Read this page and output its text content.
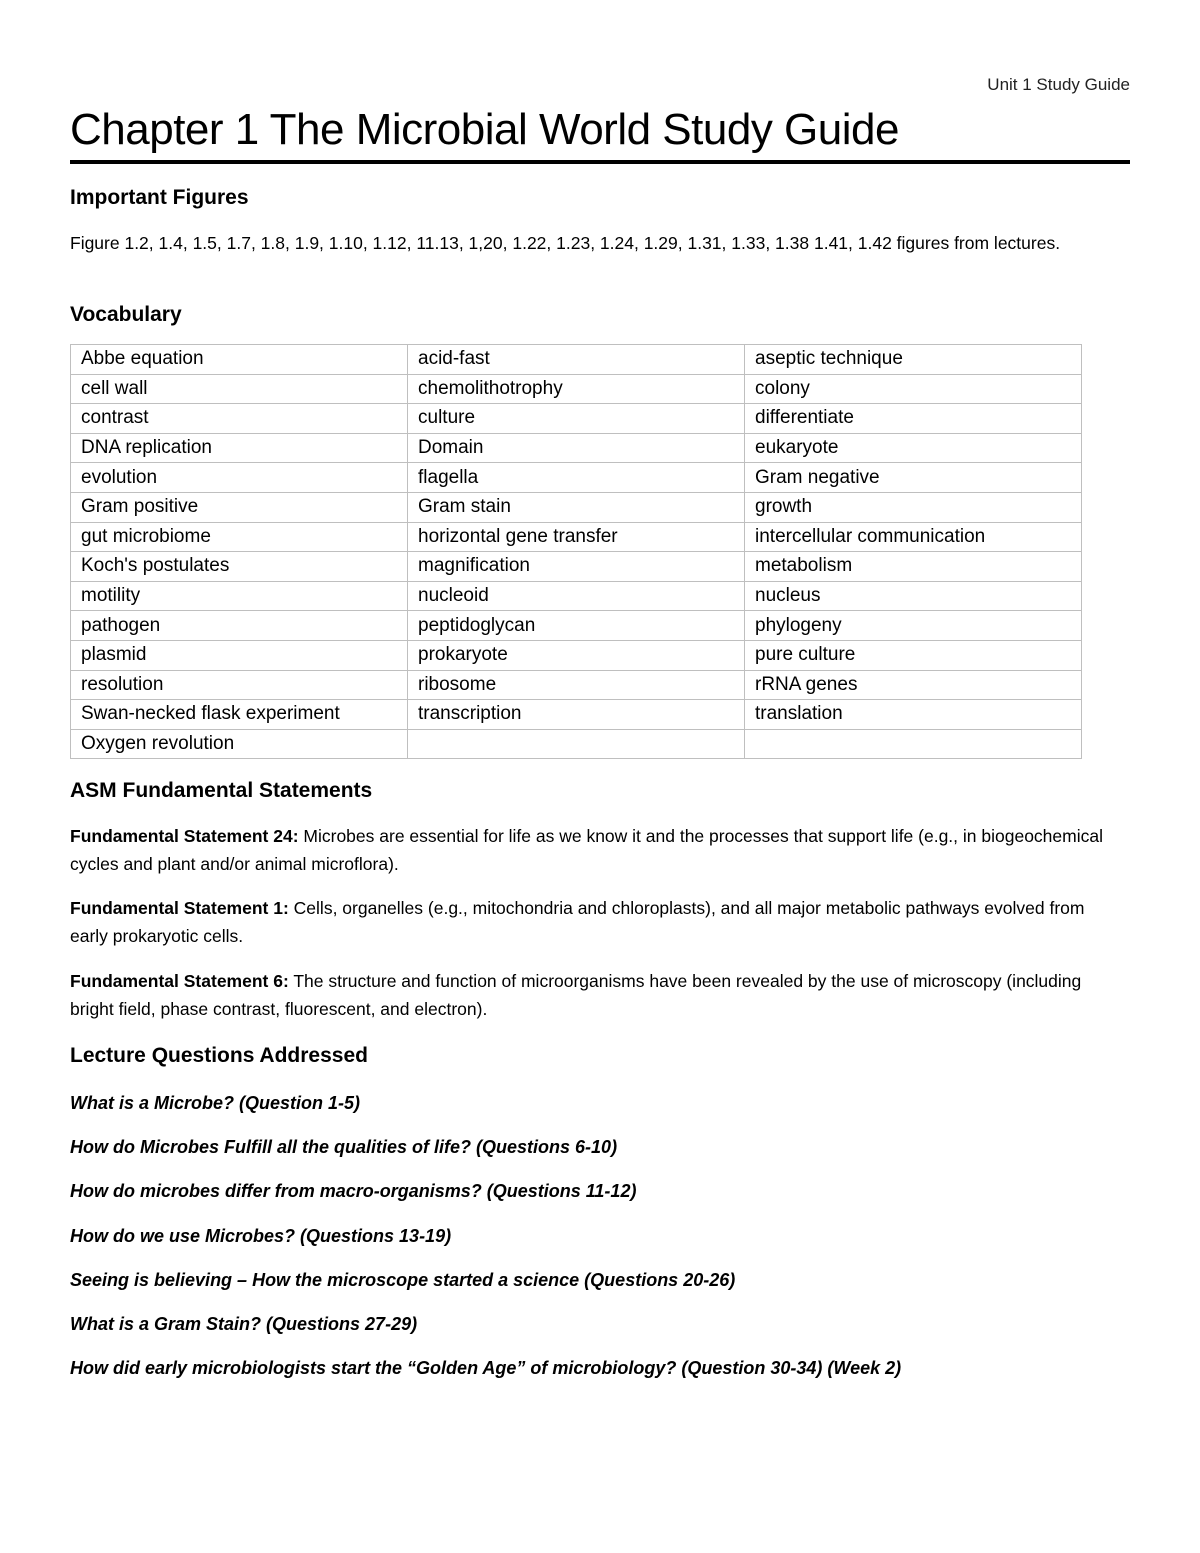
Unit 1 Study Guide
Chapter 1 The Microbial World Study Guide
Important Figures

Figure 1.2, 1.4, 1.5, 1.7, 1.8, 1.9, 1.10, 1.12, 11.13, 1,20, 1.22, 1.23, 1.24, 1.29, 1.31, 1.33, 1.38 1.41, 1.42 figures from lectures.

Vocabulary
Abbe equation	acid-fast	aseptic technique
cell wall	chemolithotrophy	colony
contrast	culture	differentiate
DNA replication	Domain	eukaryote
evolution	flagella	Gram negative
Gram positive	Gram stain	growth
gut microbiome	horizontal gene transfer	intercellular communication
Koch's postulates	magnification	metabolism
motility	nucleoid	nucleus
pathogen	peptidoglycan	phylogeny
plasmid	prokaryote	pure culture
resolution	ribosome	rRNA genes
Swan-necked flask experiment	transcription	translation
Oxygen revolution		
ASM Fundamental Statements

Fundamental Statement 24: Microbes are essential for life as we know it and the processes that support life (e.g., in biogeochemical cycles and plant and/or animal microflora).

Fundamental Statement 1: Cells, organelles (e.g., mitochondria and chloroplasts), and all major metabolic pathways evolved from early prokaryotic cells.

Fundamental Statement 6: The structure and function of microorganisms have been revealed by the use of microscopy (including bright field, phase contrast, fluorescent, and electron).

Lecture Questions Addressed

What is a Microbe? (Question 1-5)

How do Microbes Fulfill all the qualities of life? (Questions 6-10)

How do microbes differ from macro-organisms? (Questions 11-12)

How do we use Microbes? (Questions 13-19)

Seeing is believing – How the microscope started a science (Questions 20-26)

What is a Gram Stain? (Questions 27-29)

How did early microbiologists start the “Golden Age” of microbiology? (Question 30-34) (Week 2)
